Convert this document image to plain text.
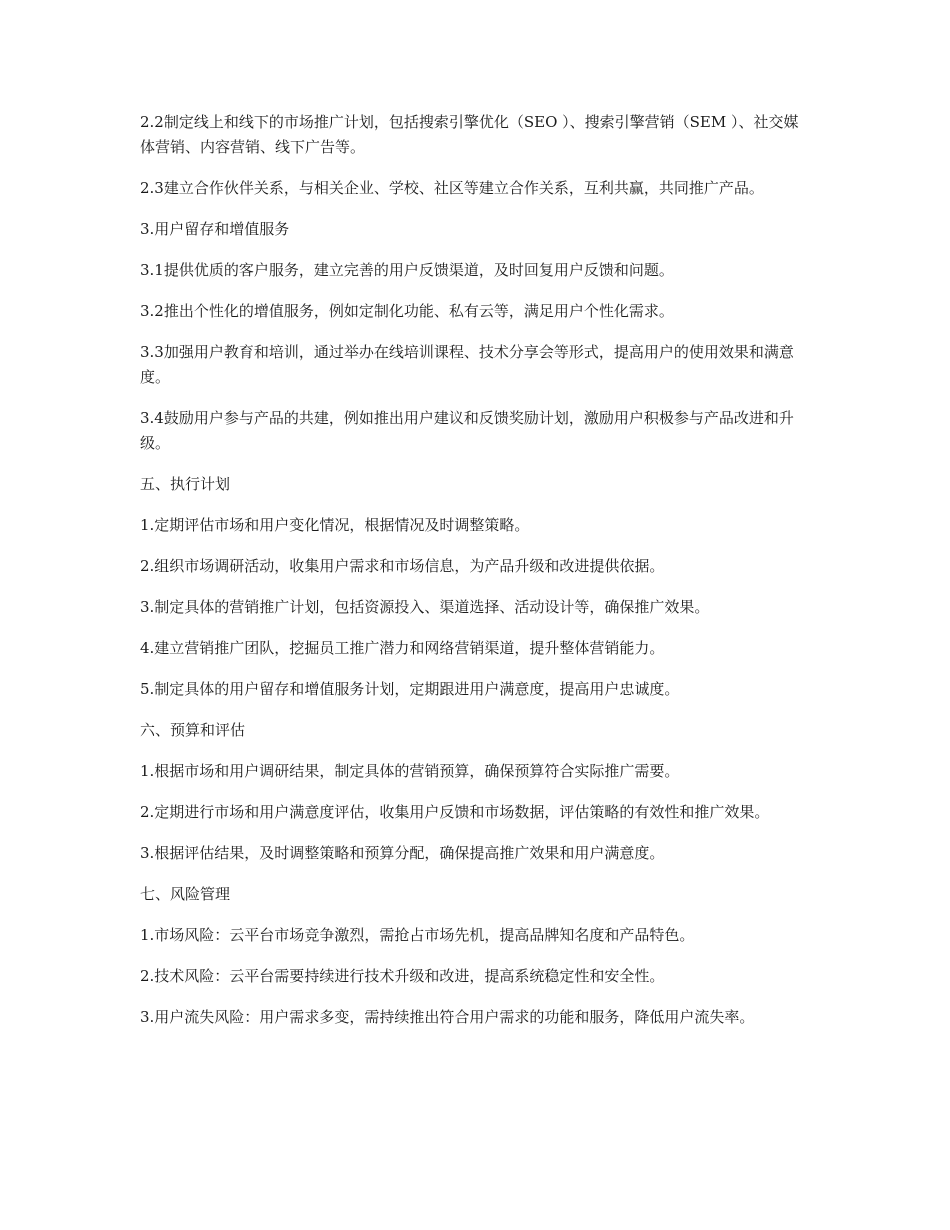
2.2制定线上和线下的市场推广计划，包括搜索引擎优化（SEO ）、搜索引擎营销（SEM ）、社交媒体营销、内容营销、线下广告等。

2.3建立合作伙伴关系，与相关企业、学校、社区等建立合作关系，互利共赢，共同推广产品。

3.用户留存和增值服务

3.1提供优质的客户服务，建立完善的用户反馈渠道，及时回复用户反馈和问题。

3.2推出个性化的增值服务，例如定制化功能、私有云等，满足用户个性化需求。

3.3加强用户教育和培训，通过举办在线培训课程、技术分享会等形式，提高用户的使用效果和满意度。

3.4鼓励用户参与产品的共建，例如推出用户建议和反馈奖励计划，激励用户积极参与产品改进和升级。

五、执行计划

1.定期评估市场和用户变化情况，根据情况及时调整策略。

2.组织市场调研活动，收集用户需求和市场信息，为产品升级和改进提供依据。

3.制定具体的营销推广计划，包括资源投入、渠道选择、活动设计等，确保推广效果。

4.建立营销推广团队，挖掘员工推广潜力和网络营销渠道，提升整体营销能力。

5.制定具体的用户留存和增值服务计划，定期跟进用户满意度，提高用户忠诚度。

六、预算和评估

1.根据市场和用户调研结果，制定具体的营销预算，确保预算符合实际推广需要。

2.定期进行市场和用户满意度评估，收集用户反馈和市场数据，评估策略的有效性和推广效果。

3.根据评估结果，及时调整策略和预算分配，确保提高推广效果和用户满意度。

七、风险管理

1.市场风险：云平台市场竞争激烈，需抢占市场先机，提高品牌知名度和产品特色。

2.技术风险：云平台需要持续进行技术升级和改进，提高系统稳定性和安全性。

3.用户流失风险：用户需求多变，需持续推出符合用户需求的功能和服务，降低用户流失率。
